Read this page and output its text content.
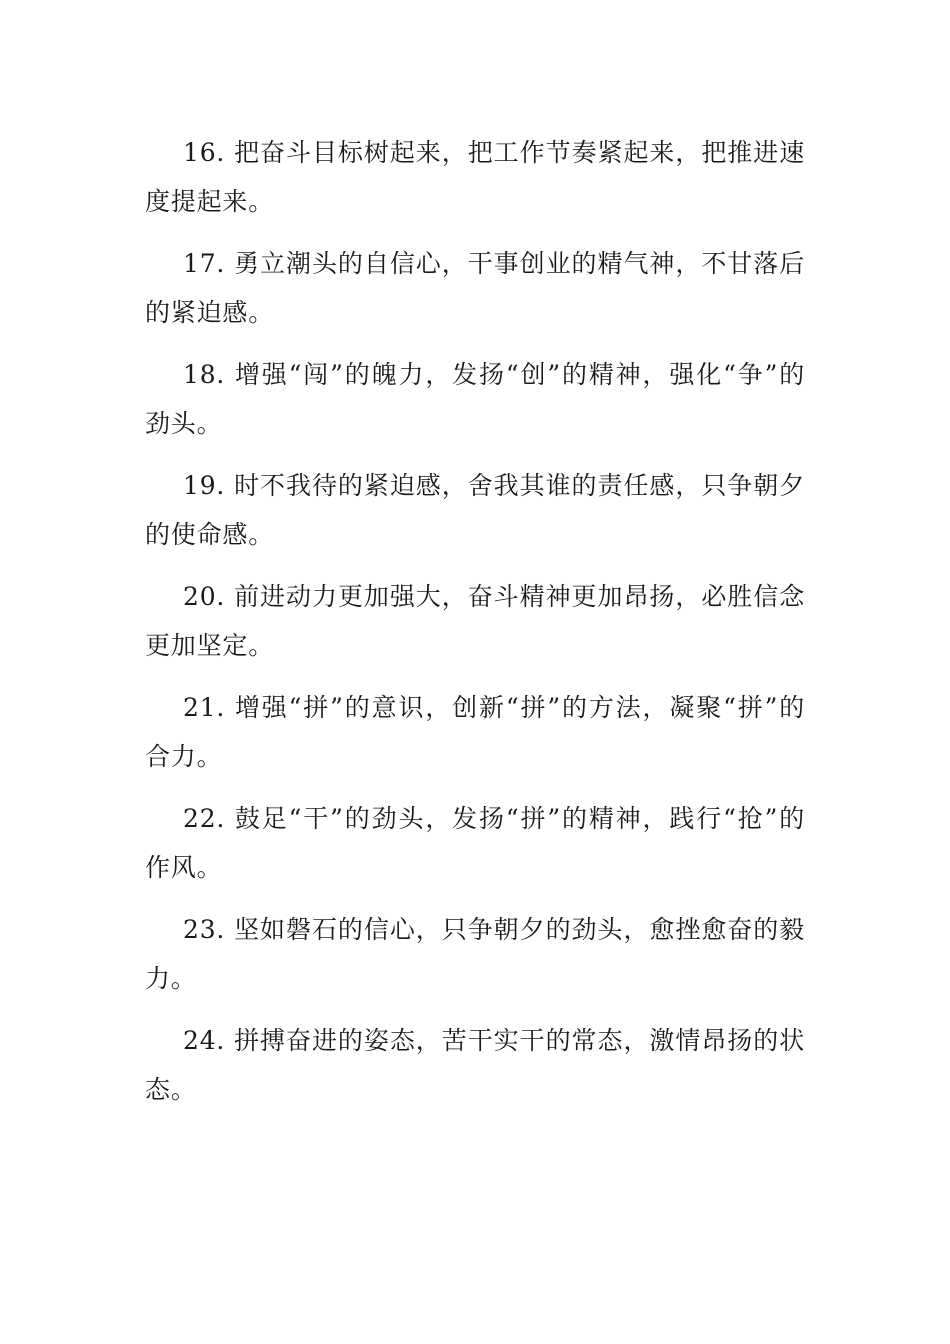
16. 把奋斗目标树起来，把工作节奏紧起来，把推进速度提起来。

17. 勇立潮头的自信心，干事创业的精气神，不甘落后的紧迫感。

18. 增强“闯”的魄力，发扬“创”的精神，强化“争”的劲头。

19. 时不我待的紧迫感，舍我其谁的责任感，只争朝夕的使命感。

20. 前进动力更加强大，奋斗精神更加昂扬，必胜信念更加坚定。

21. 增强“拼”的意识，创新“拼”的方法，凝聚“拼”的合力。

22. 鼓足“干”的劲头，发扬“拼”的精神，践行“抢”的作风。

23. 坚如磐石的信心，只争朝夕的劲头，愈挫愈奋的毅力。

24. 拼搏奋进的姿态，苦干实干的常态，激情昂扬的状态。
